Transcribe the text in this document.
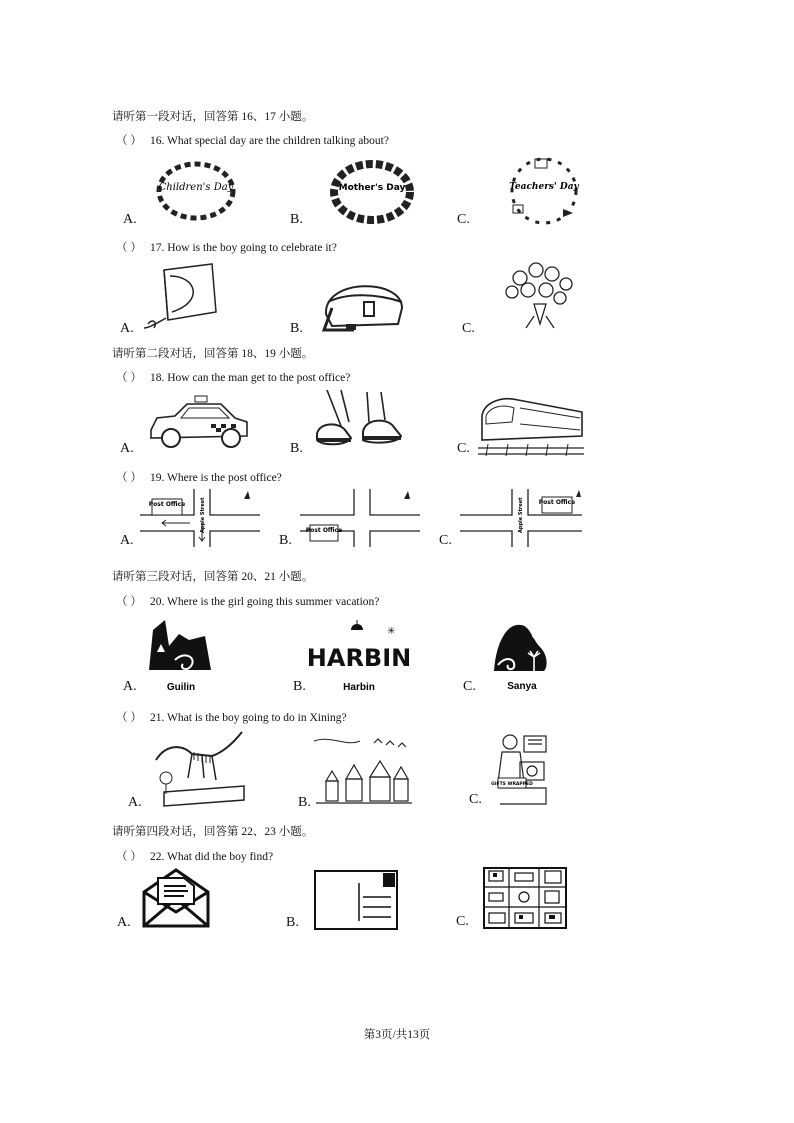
请听第一段对话，回答第 16、17 小题。
（ ） 16. What special day are the children talking about?
A.
Children's Day
B.
Mother's Day
C.
Teachers' Day
（ ） 17. How is the boy going to celebrate it?
A.	B.	C.
请听第二段对话，回答第 18、19 小题。
（ ） 18. How can the man get to the post office?
A.	B.	C.
（ ） 19. Where is the post office?
A.
Post Office	Apple Street
B.
Post Office
C.
Apple Street Post Office
请听第三段对话，回答第 20、21 小题。
（ ） 20. Where is the girl going this summer vacation?
A.	Guilin	B.
HARBIN
✳
Harbin	C.	Sanya
（ ） 21. What is the boy going to do in Xining?
A.	B.	C.
GIFTS WRAPPED
请听第四段对话，回答第 22、23 小题。
（ ） 22. What did the boy find?
A.	B.	C.
第3页/共13页
